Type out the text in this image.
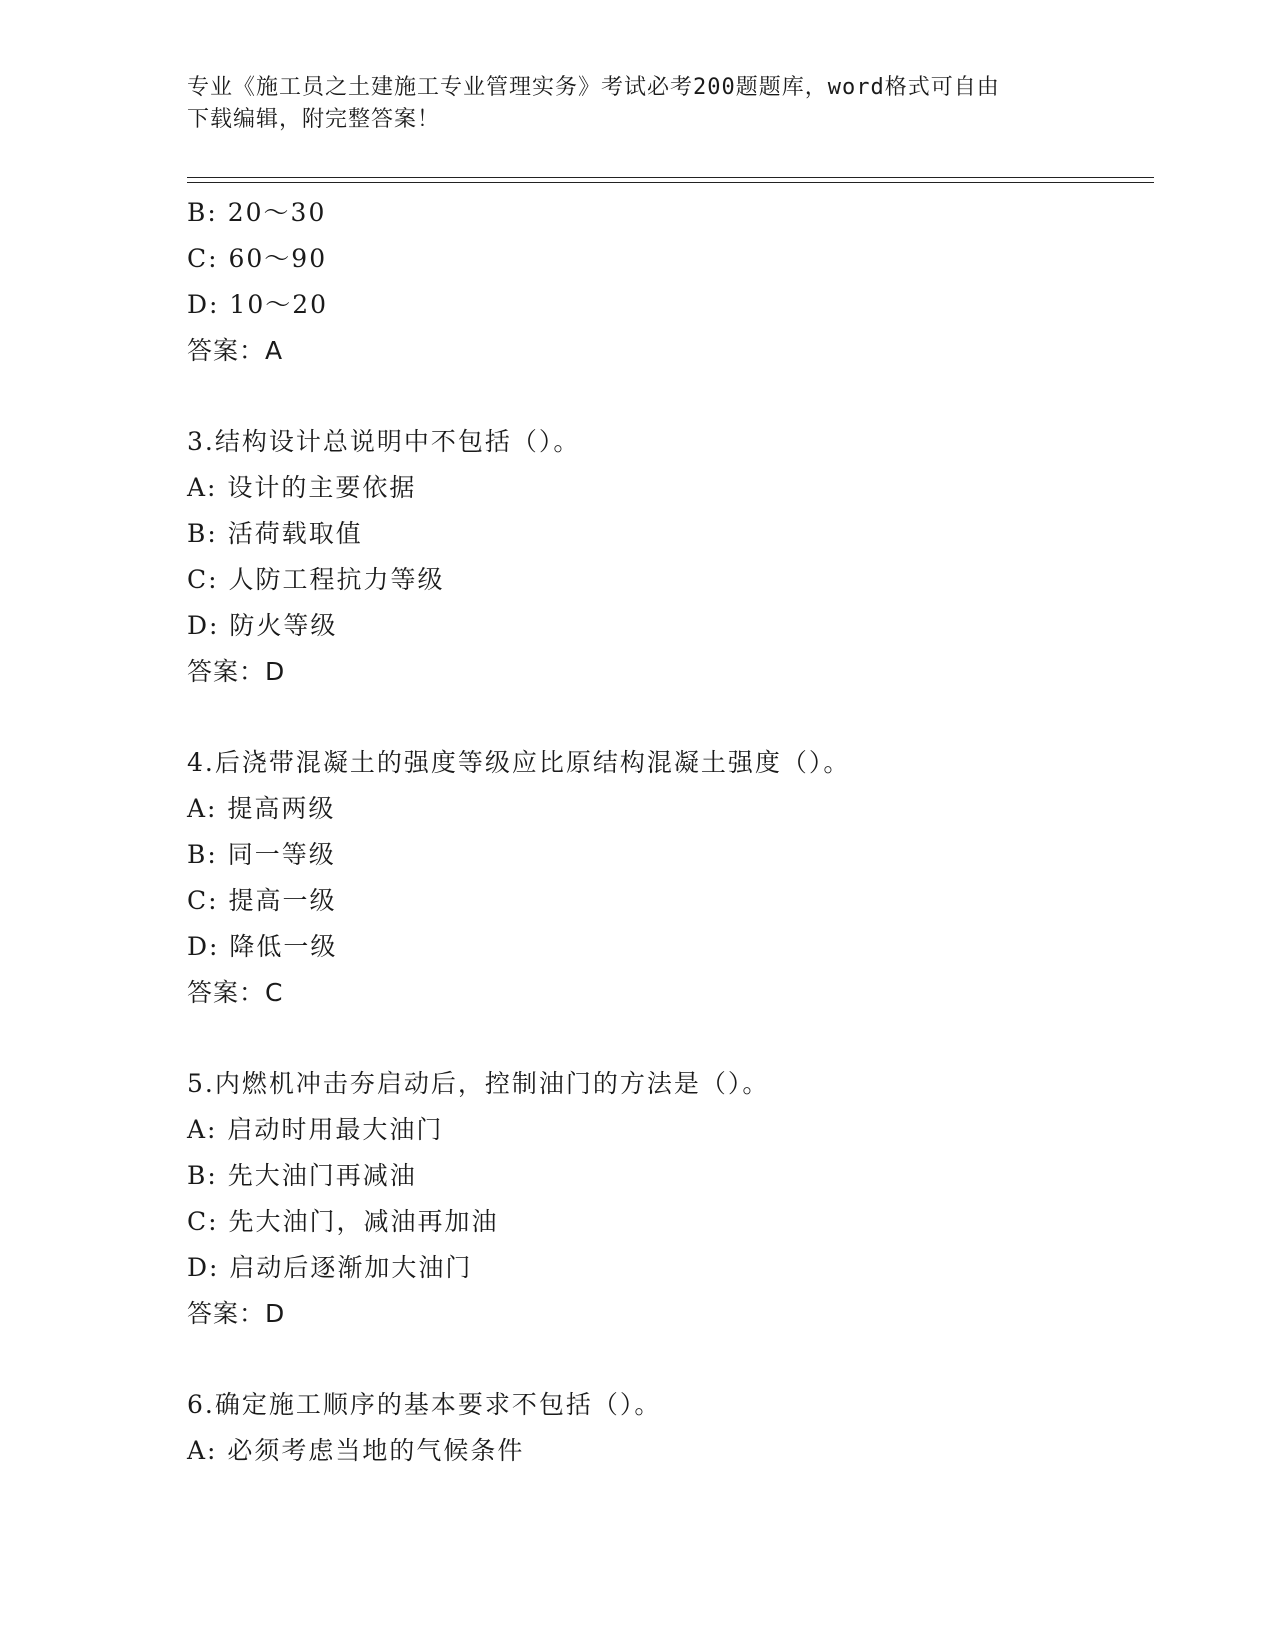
专业《施工员之土建施工专业管理实务》考试必考200题题库，word格式可自由
下载编辑，附完整答案！
B: 20～30
C: 60～90
D: 10～20
答案：A
3.结构设计总说明中不包括（）。
A: 设计的主要依据
B: 活荷载取值
C: 人防工程抗力等级
D: 防火等级
答案：D
4.后浇带混凝土的强度等级应比原结构混凝土强度（）。
A: 提高两级
B: 同一等级
C: 提高一级
D: 降低一级
答案：C
5.内燃机冲击夯启动后，控制油门的方法是（）。
A: 启动时用最大油门
B: 先大油门再减油
C: 先大油门，减油再加油
D: 启动后逐渐加大油门
答案：D
6.确定施工顺序的基本要求不包括（）。
A: 必须考虑当地的气候条件
